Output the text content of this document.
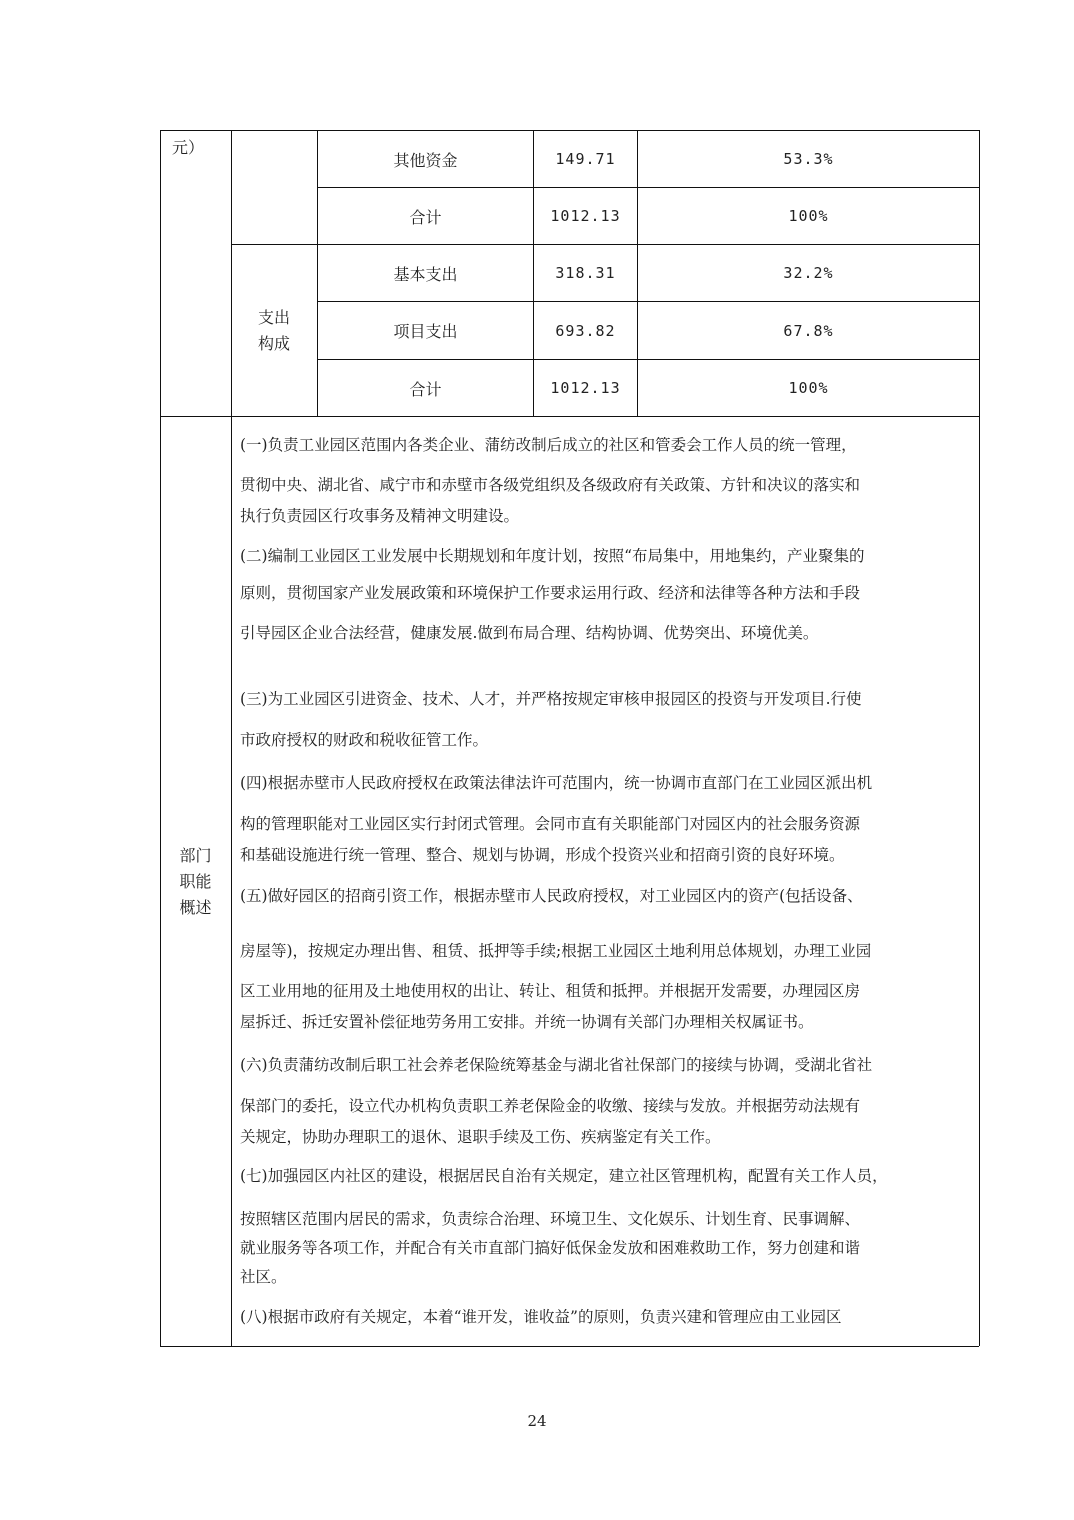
元）
支出
构成
其他资金	149.71	53.3%
合计	1012.13	100%
基本支出	318.31	32.2%
项目支出	693.82	67.8%
合计	1012.13	100%
部门
职能
概述
(一)负责工业园区范围内各类企业、蒲纺改制后成立的社区和管委会工作人员的统一管理，
贯彻中央、湖北省、咸宁市和赤壁市各级党组织及各级政府有关政策、方针和决议的落实和
执行负责园区行攻事务及精神文明建设。
(二)编制工业园区工业发展中长期规划和年度计划，按照“布局集中，用地集约，产业聚集的
原则，贯彻国家产业发展政策和环境保护工作要求运用行政、经济和法律等各种方法和手段
引导园区企业合法经营，健康发展.做到布局合理、结构协调、优势突出、环境优美。
(三)为工业园区引进资金、技术、人才，并严格按规定审核申报园区的投资与开发项目.行使
市政府授权的财政和税收征管工作。
(四)根据赤壁市人民政府授权在政策法律法许可范围内，统一协调市直部门在工业园区派出机
构的管理职能对工业园区实行封闭式管理。会同市直有关职能部门对园区内的社会服务资源
和基础设施进行统一管理、整合、规划与协调，形成个投资兴业和招商引资的良好环境。
(五)做好园区的招商引资工作，根据赤壁市人民政府授权，对工业园区内的资产(包括设备、
房屋等)，按规定办理出售、租赁、抵押等手续;根据工业园区土地利用总体规划，办理工业园
区工业用地的征用及土地使用权的出让、转让、租赁和抵押。并根据开发需要，办理园区房
屋拆迁、拆迁安置补偿征地劳务用工安排。并统一协调有关部门办理相关权属证书。
(六)负责蒲纺改制后职工社会养老保险统筹基金与湖北省社保部门的接续与协调，受湖北省社
保部门的委托，设立代办机构负责职工养老保险金的收缴、接续与发放。并根据劳动法规有
关规定，协助办理职工的退休、退职手续及工伤、疾病鉴定有关工作。
(七)加强园区内社区的建设，根据居民自治有关规定，建立社区管理机构，配置有关工作人员，
按照辖区范围内居民的需求，负责综合治理、环境卫生、文化娱乐、计划生育、民事调解、
就业服务等各项工作，并配合有关市直部门搞好低保金发放和困难救助工作，努力创建和谐
社区。
(八)根据市政府有关规定，本着“谁开发，谁收益”的原则，负责兴建和管理应由工业园区
24
